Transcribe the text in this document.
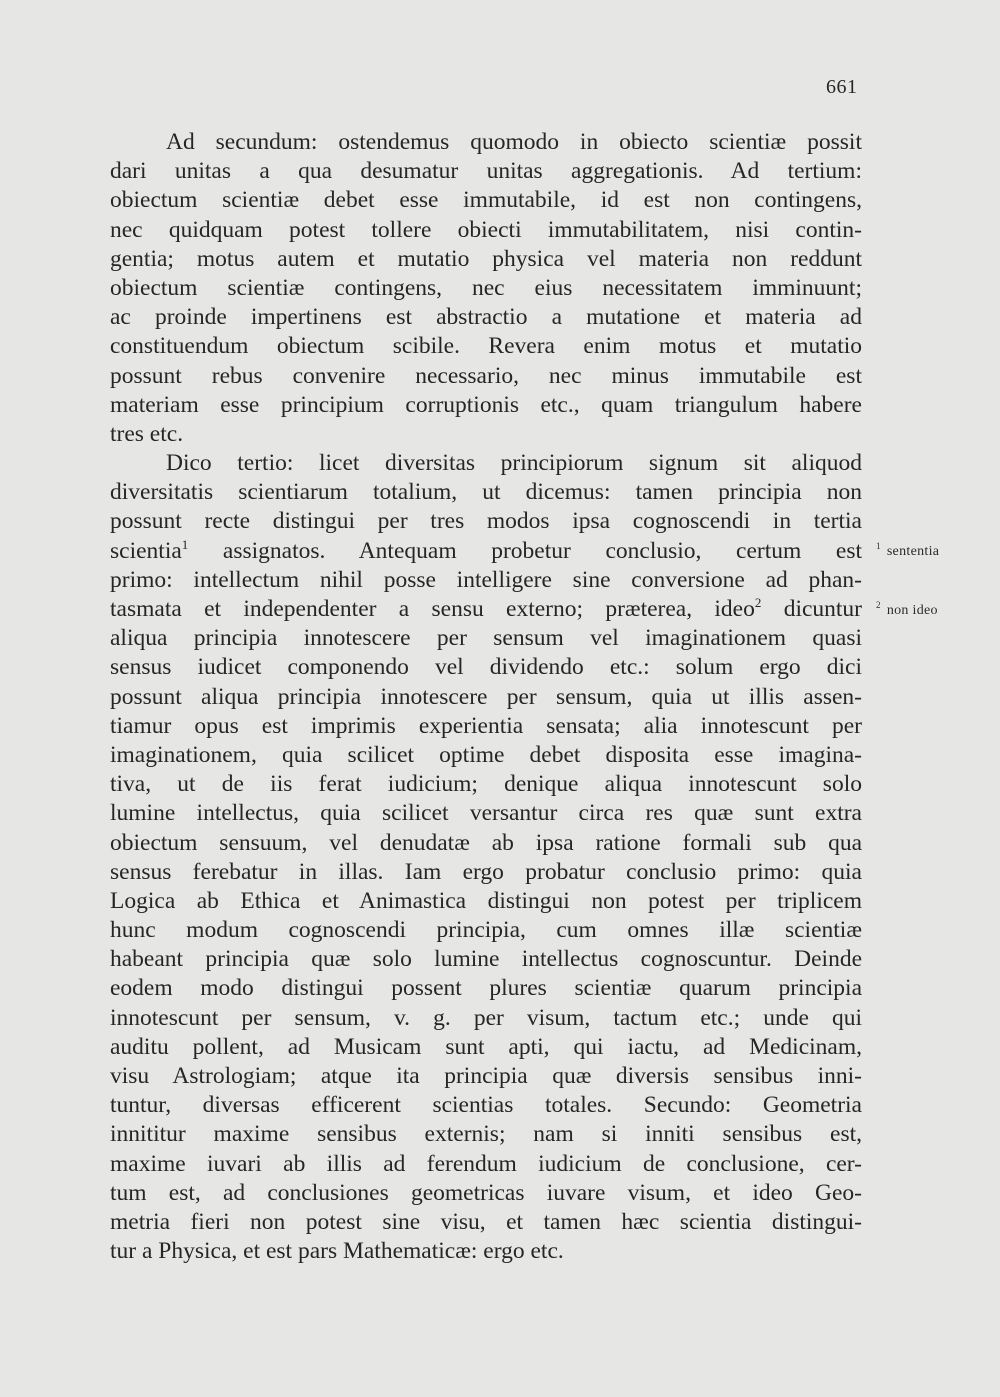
661
Ad secundum: ostendemus quomodo in obiecto scientiæ possit
dari unitas a qua desumatur unitas aggregationis. Ad tertium:
obiectum scientiæ debet esse immutabile, id est non contingens,
nec quidquam potest tollere obiecti immutabilitatem, nisi contin-
gentia; motus autem et mutatio physica vel materia non reddunt
obiectum scientiæ contingens, nec eius necessitatem imminuunt;
ac proinde impertinens est abstractio a mutatione et materia ad
constituendum obiectum scibile. Revera enim motus et mutatio
possunt rebus convenire necessario, nec minus immutabile est
materiam esse principium corruptionis etc., quam triangulum habere
tres etc.
Dico tertio: licet diversitas principiorum signum sit aliquod
diversitatis scientiarum totalium, ut dicemus: tamen principia non
possunt recte distingui per tres modos ipsa cognoscendi in tertia
scientia$^1$ assignatos. Antequam probetur conclusio, certum est
primo: intellectum nihil posse intelligere sine conversione ad phan-
tasmata et independenter a sensu externo; præterea, ideo$^2$ dicuntur
aliqua principia innotescere per sensum vel imaginationem quasi
sensus iudicet componendo vel dividendo etc.: solum ergo dici
possunt aliqua principia innotescere per sensum, quia ut illis assen-
tiamur opus est imprimis experientia sensata; alia innotescunt per
imaginationem, quia scilicet optime debet disposita esse imagina-
tiva, ut de iis ferat iudicium; denique aliqua innotescunt solo
lumine intellectus, quia scilicet versantur circa res quæ sunt extra
obiectum sensuum, vel denudatæ ab ipsa ratione formali sub qua
sensus ferebatur in illas. Iam ergo probatur conclusio primo: quia
Logica ab Ethica et Animastica distingui non potest per triplicem
hunc modum cognoscendi principia, cum omnes illæ scientiæ
habeant principia quæ solo lumine intellectus cognoscuntur. Deinde
eodem modo distingui possent plures scientiæ quarum principia
innotescunt per sensum, v. g. per visum, tactum etc.; unde qui
auditu pollent, ad Musicam sunt apti, qui iactu, ad Medicinam,
visu Astrologiam; atque ita principia quæ diversis sensibus inni-
tuntur, diversas efficerent scientias totales. Secundo: Geometria
innititur maxime sensibus externis; nam si inniti sensibus est,
maxime iuvari ab illis ad ferendum iudicium de conclusione, cer-
tum est, ad conclusiones geometricas iuvare visum, et ideo Geo-
metria fieri non potest sine visu, et tamen hæc scientia distingui-
tur a Physica, et est pars Mathematicæ: ergo etc.
$^1$ sententia
$^2$ non ideo
